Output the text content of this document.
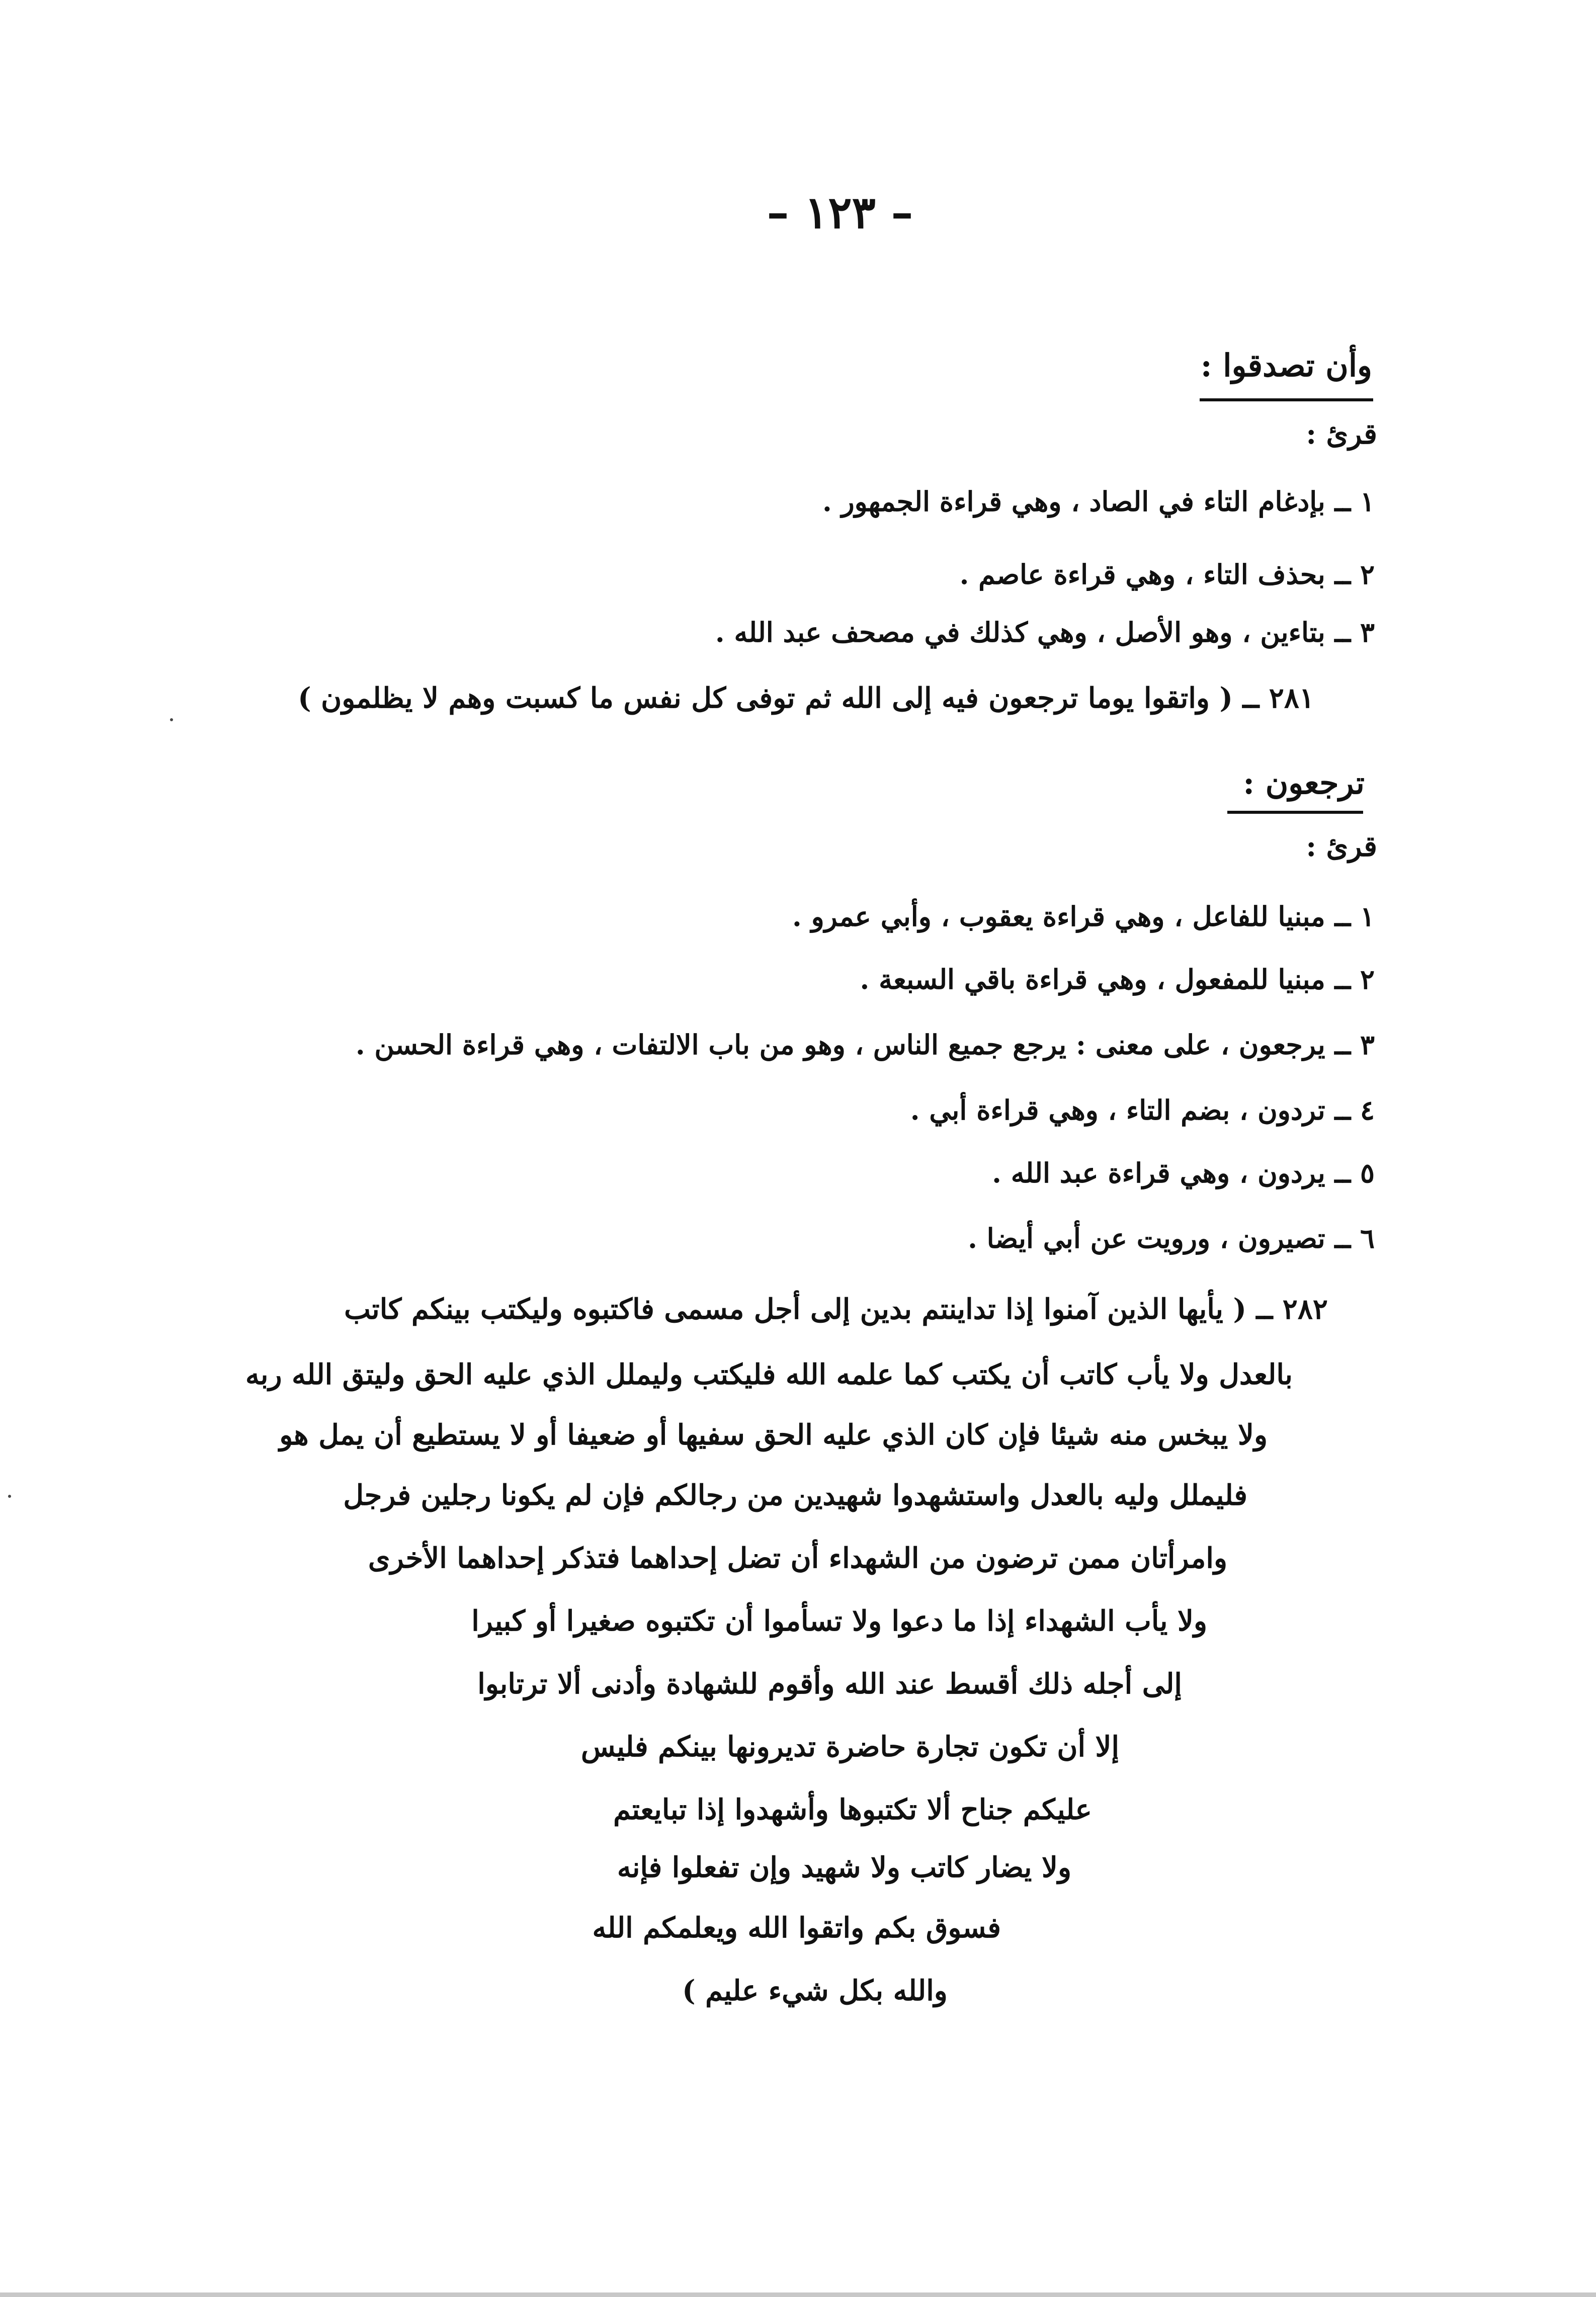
– ١٢٣ –
وأن تصدقوا :
قرئ :
١ ــ بإدغام التاء في الصاد ، وهي قراءة الجمهور .
٢ ــ بحذف التاء ، وهي قراءة عاصم .
٣ ــ بتاءين ، وهو الأصل ، وهي كذلك في مصحف عبد الله .
٢٨١ ــ ( واتقوا يوما ترجعون فيه إلى الله ثم توفى كل نفس ما كسبت وهم لا يظلمون )
ترجعون :
قرئ :
١ ــ مبنيا للفاعل ، وهي قراءة يعقوب ، وأبي عمرو .
٢ ــ مبنيا للمفعول ، وهي قراءة باقي السبعة .
٣ ــ يرجعون ، على معنى : يرجع جميع الناس ، وهو من باب الالتفات ، وهي قراءة الحسن .
٤ ــ تردون ، بضم التاء ، وهي قراءة أبي .
٥ ــ يردون ، وهي قراءة عبد الله .
٦ ــ تصيرون ، ورويت عن أبي أيضا .
٢٨٢ ــ ( يأيها الذين آمنوا إذا تداينتم بدين إلى أجل مسمى فاكتبوه وليكتب بينكم كاتب
بالعدل ولا يأب كاتب أن يكتب كما علمه الله فليكتب وليملل الذي عليه الحق وليتق الله ربه
ولا يبخس منه شيئا فإن كان الذي عليه الحق سفيها أو ضعيفا أو لا يستطيع أن يمل هو
فليملل وليه بالعدل واستشهدوا شهيدين من رجالكم فإن لم يكونا رجلين فرجل
وامرأتان ممن ترضون من الشهداء أن تضل إحداهما فتذكر إحداهما الأخرى
ولا يأب الشهداء إذا ما دعوا ولا تسأموا أن تكتبوه صغيرا أو كبيرا
إلى أجله ذلك أقسط عند الله وأقوم للشهادة وأدنى ألا ترتابوا
إلا أن تكون تجارة حاضرة تديرونها بينكم فليس
عليكم جناح ألا تكتبوها وأشهدوا إذا تبايعتم
ولا يضار كاتب ولا شهيد وإن تفعلوا فإنه
فسوق بكم واتقوا الله ويعلمكم الله
والله بكل شيء عليم )
